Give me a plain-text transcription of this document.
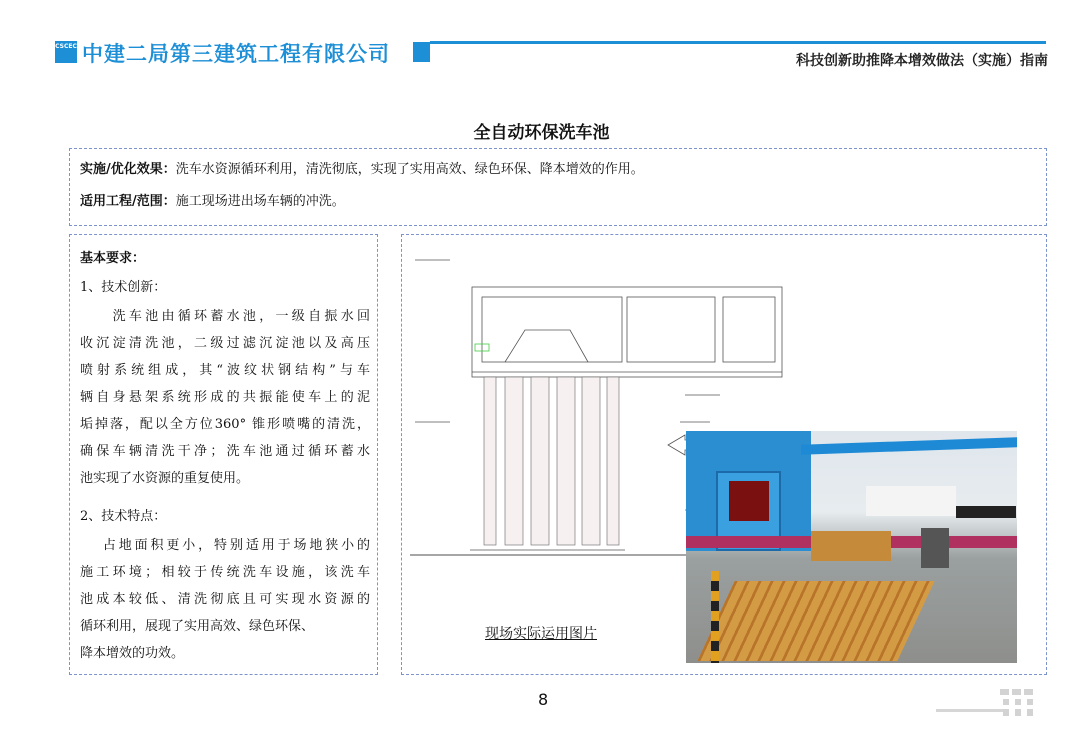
CSCEC 中建二局第三建筑工程有限公司	科技创新助推降本增效做法（实施）指南
全自动环保洗车池
实施/优化效果：洗车水资源循环利用，清洗彻底，实现了实用高效、绿色环保、降本增效的作用。
适用工程/范围：施工现场进出场车辆的冲洗。
基本要求：
1、技术创新：
　　洗车池由循环蓄水池，一级自振水回
收沉淀清洗池，二级过滤沉淀池以及高压
喷射系统组成，其“波纹状钢结构”与车
辆自身悬架系统形成的共振能使车上的泥
垢掉落，配以全方位360° 锥形喷嘴的清洗，
确保车辆清洗干净；洗车池通过循环蓄水
池实现了水资源的重复使用。
2、技术特点：
　 占地面积更小，特别适用于场地狭小的
施工环境；相较于传统洗车设施，该洗车
池成本较低、清洗彻底且可实现水资源的
循环利用，展现了实用高效、绿色环保、
降本增效的功效。
现场实际运用图片
8
